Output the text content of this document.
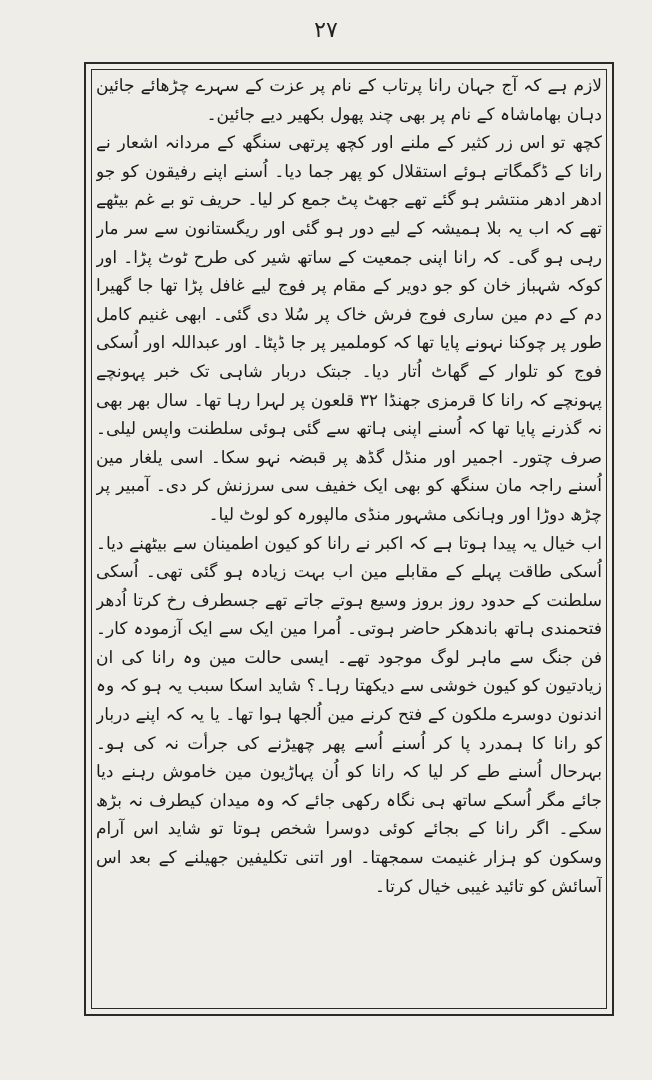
۲۷

لازم ہے کہ آج جہان رانا پرتاب کے نام پر عزت کے سہرے چڑھائے جائین دہان بھاماشاہ کے نام پر بھی چند پھول بکھیر دیے جائین۔

کچھ تو اس زر کثیر کے ملنے اور کچھ پرتھی سنگھ کے مردانہ اشعار نے رانا کے ڈگمگاتے ہوئے استقلال کو پھر جما دیا۔ اُسنے اپنے رفیقون کو جو ادھر ادھر منتشر ہو گئے تھے جھٹ پٹ جمع کر لیا۔ حریف تو بے غم بیٹھے تھے کہ اب یہ بلا ہمیشہ کے لیے دور ہو گئی اور ریگستانون سے سر مار رہی ہو گی۔ کہ رانا اپنی جمعیت کے ساتھ شیر کی طرح ٹوٹ پڑا۔ اور کوکہ شہباز خان کو جو دویر کے مقام پر فوج لیے غافل پڑا تھا جا گھیرا دم کے دم مین ساری فوج فرش خاک پر سُلا دی گئی۔ ابھی غنیم کامل طور پر چوکنا نہونے پایا تھا کہ کوملمیر پر جا ڈپٹا۔ اور عبداللہ اور اُسکی فوج کو تلوار کے گھاٹ اُتار دیا۔ جبتک دربار شاہی تک خبر پہونچے پہونچے کہ رانا کا قرمزی جھنڈا ۳۲ قلعون پر لہرا رہا تھا۔ سال بھر بھی نہ گذرنے پایا تھا کہ اُسنے اپنی ہاتھ سے گئی ہوئی سلطنت واپس لیلی۔ صرف چتور۔ اجمیر اور منڈل گڈھ پر قبضہ نہو سکا۔ اسی یلغار مین اُسنے راجہ مان سنگھ کو بھی ایک خفیف سی سرزنش کر دی۔ آمبیر پر چڑھ دوڑا اور وہانکی مشہور منڈی مالپورہ کو لوٹ لیا۔

اب خیال یہ پیدا ہوتا ہے کہ اکبر نے رانا کو کیون اطمینان سے بیٹھنے دیا۔ اُسکی طاقت پہلے کے مقابلے مین اب بہت زیادہ ہو گئی تھی۔ اُسکی سلطنت کے حدود روز بروز وسیع ہوتے جاتے تھے جسطرف رخ کرتا اُدھر فتحمندی ہاتھ باندھکر حاضر ہوتی۔ اُمرا مین ایک سے ایک آزمودہ کار۔ فن جنگ سے ماہر لوگ موجود تھے۔ ایسی حالت مین وہ رانا کی ان زیادتیون کو کیون خوشی سے دیکھتا رہا۔؟ شاید اسکا سبب یہ ہو کہ وہ اندنون دوسرے ملکون کے فتح کرنے مین اُلجھا ہوا تھا۔ یا یہ کہ اپنے دربار کو رانا کا ہمدرد پا کر اُسنے اُسے پھر چھیڑنے کی جرأت نہ کی ہو۔ بہرحال اُسنے طے کر لیا کہ رانا کو اُن پہاڑیون مین خاموش رہنے دیا جائے مگر اُسکے ساتھ ہی نگاہ رکھی جائے کہ وہ میدان کیطرف نہ بڑھ سکے۔ اگر رانا کے بجائے کوئی دوسرا شخص ہوتا تو شاید اس آرام وسکون کو ہزار غنیمت سمجھتا۔ اور اتنی تکلیفین جھیلنے کے بعد اس آسائش کو تائید غیبی خیال کرتا۔
